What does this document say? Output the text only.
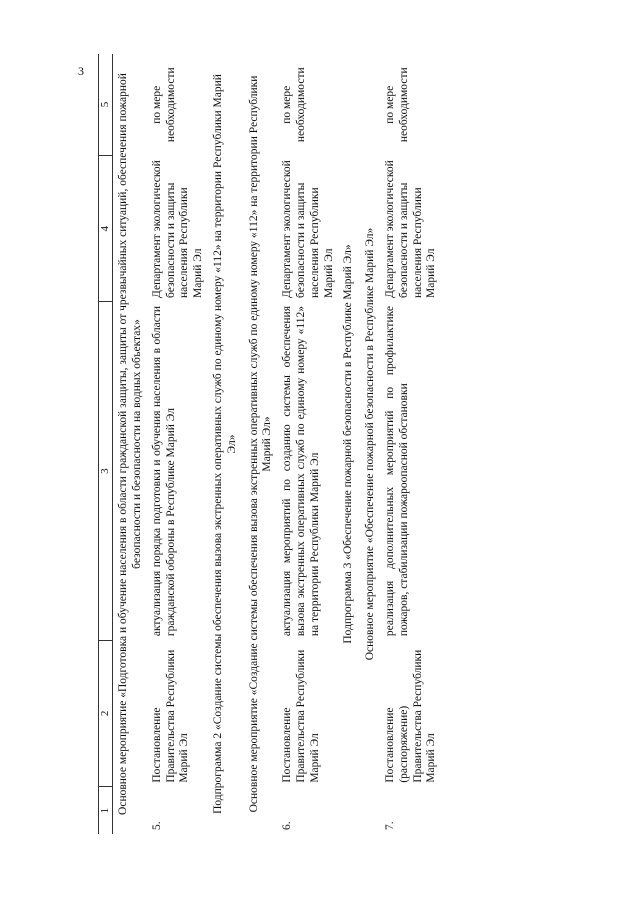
3
1	2	3	4	5
Основное мероприятие «Подготовка и обучение населения в области гражданской защиты, защиты от чрезвычайных ситуаций, обеспечения пожарной безопасности и безопасности на водных объектах»				
5.	Постановление Правительства Республики Марий Эл	актуализация порядка подготовки и обучения населения в области гражданской обороны в Республике Марий Эл	Департамент экологической безопасности и защиты населения Республики Марий Эл	по мере необходимости
Подпрограмма 2 «Создание системы обеспечения вызова экстренных оперативных служб по единому номеру «112» на территории Республики Марий Эл»				
Основное мероприятие «Создание системы обеспечения вызова экстренных оперативных служб по единому номеру «112» на территории Республики Марий Эл»				
6.	Постановление Правительства Республики Марий Эл	актуализация мероприятий по созданию системы обеспечения вызова экстренных оперативных служб по единому номеру «112» на территории Республики Марий Эл	Департамент экологической безопасности и защиты населения Республики Марий Эл	по мере необходимости
Подпрограмма 3 «Обеспечение пожарной безопасности в Республике Марий Эл»				
Основное мероприятие «Обеспечение пожарной безопасности в Республике Марий Эл»				
7.	Постановление (распоряжение) Правительства Республики Марий Эл	реализация дополнительных мероприятий по профилактике пожаров, стабилизации пожароопасной обстановки	Департамент экологической безопасности и защиты населения Республики Марий Эл	по мере необходимости
